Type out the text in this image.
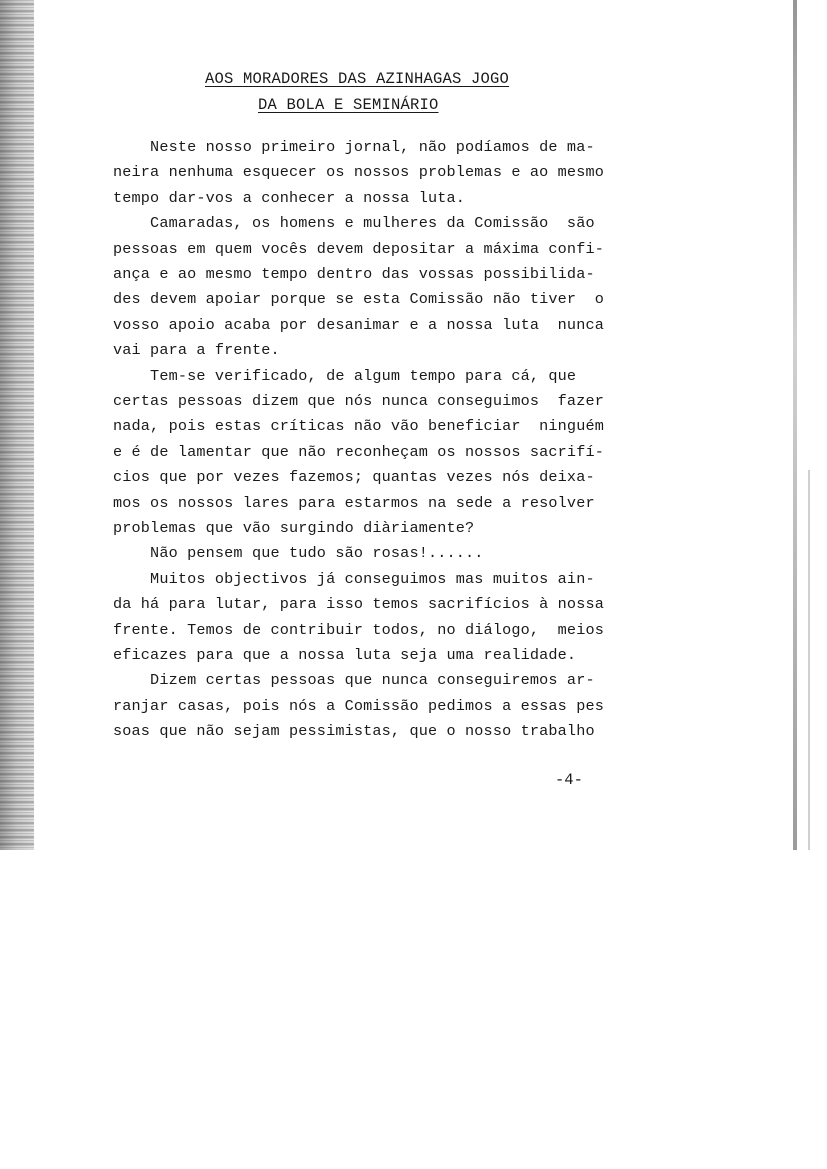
AOS MORADORES DAS AZINHAGAS JOGO
DA BOLA E SEMINÁRIO
Neste nosso primeiro jornal, não podíamos de ma-
neira nenhuma esquecer os nossos problemas e ao mesmo
tempo dar-vos a conhecer a nossa luta.
Camaradas, os homens e mulheres da Comissão  são
pessoas em quem vocês devem depositar a máxima confi-
ança e ao mesmo tempo dentro das vossas possibilida-
des devem apoiar porque se esta Comissão não tiver  o
vosso apoio acaba por desanimar e a nossa luta  nunca
vai para a frente.
Tem-se verificado, de algum tempo para cá, que
certas pessoas dizem que nós nunca conseguimos  fazer
nada, pois estas críticas não vão beneficiar  ninguém
e é de lamentar que não reconheçam os nossos sacrifí-
cios que por vezes fazemos; quantas vezes nós deixa-
mos os nossos lares para estarmos na sede a resolver
problemas que vão surgindo diàriamente?
Não pensem que tudo são rosas!......
Muitos objectivos já conseguimos mas muitos ain-
da há para lutar, para isso temos sacrifícios à nossa
frente. Temos de contribuir todos, no diálogo,  meios
eficazes para que a nossa luta seja uma realidade.
Dizem certas pessoas que nunca conseguiremos ar-
ranjar casas, pois nós a Comissão pedimos a essas pes
soas que não sejam pessimistas, que o nosso trabalho
-4-
